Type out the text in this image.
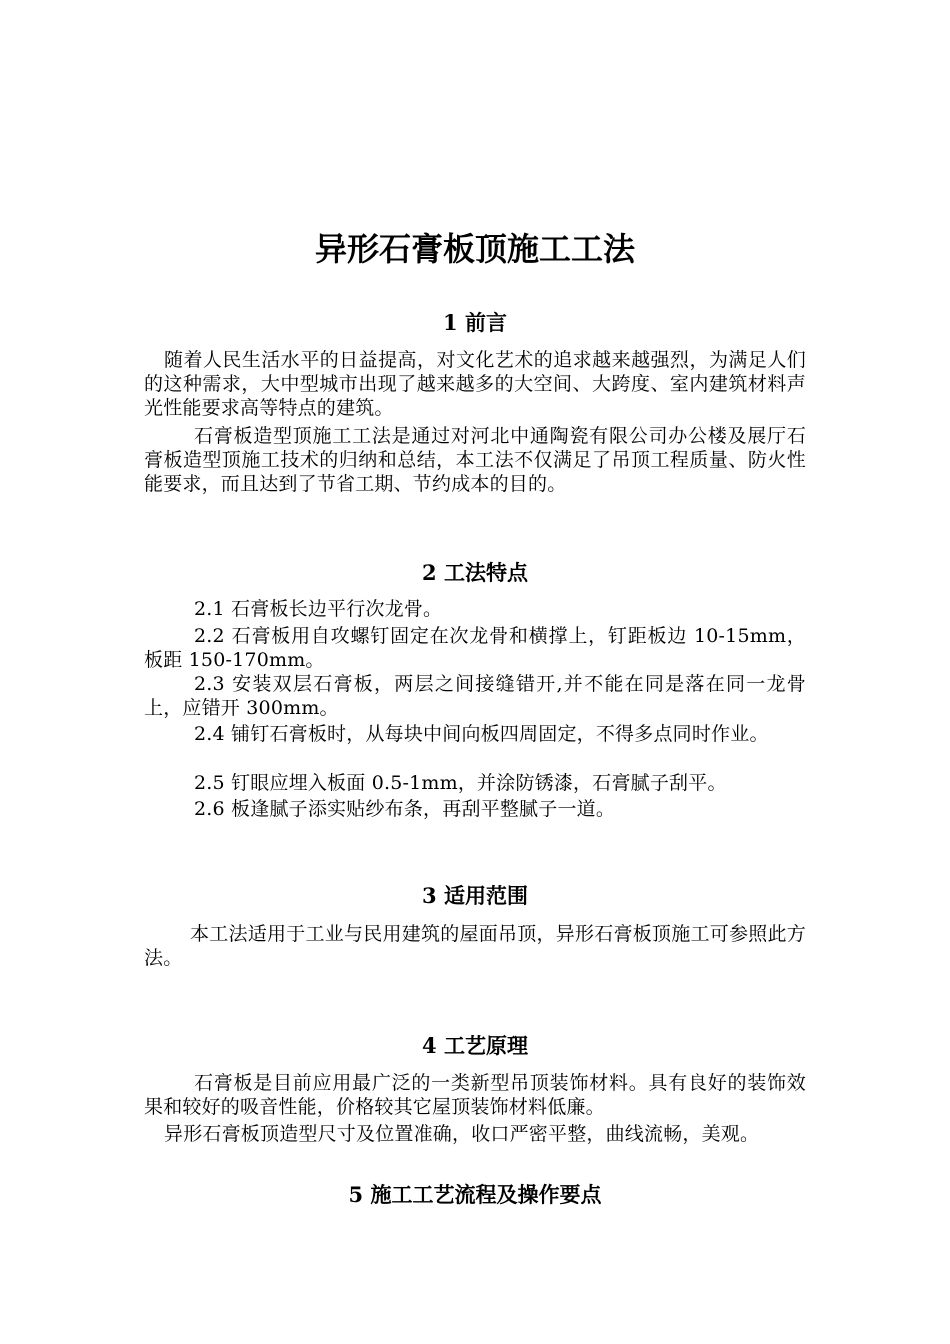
异形石膏板顶施工工法
1 前言

随着人民生活水平的日益提高，对文化艺术的追求越来越强烈，为满足人们的这种需求，大中型城市出现了越来越多的大空间、大跨度、室内建筑材料声光性能要求高等特点的建筑。

石膏板造型顶施工工法是通过对河北中通陶瓷有限公司办公楼及展厅石膏板造型顶施工技术的归纳和总结，本工法不仅满足了吊顶工程质量、防火性能要求，而且达到了节省工期、节约成本的目的。

2 工法特点

2.1 石膏板长边平行次龙骨。

2.2 石膏板用自攻螺钉固定在次龙骨和横撑上，钉距板边 10-15mm，板距 150-170mm。

2.3 安装双层石膏板，两层之间接缝错开,并不能在同是落在同一龙骨上，应错开 300mm。

2.4 铺钉石膏板时，从每块中间向板四周固定，不得多点同时作业。

2.5 钉眼应埋入板面 0.5-1mm，并涂防锈漆，石膏腻子刮平。

2.6 板逢腻子添实贴纱布条，再刮平整腻子一道。

3 适用范围

本工法适用于工业与民用建筑的屋面吊顶，异形石膏板顶施工可参照此方法。

4 工艺原理

石膏板是目前应用最广泛的一类新型吊顶装饰材料。具有良好的装饰效果和较好的吸音性能，价格较其它屋顶装饰材料低廉。

异形石膏板顶造型尺寸及位置准确，收口严密平整，曲线流畅，美观。

5 施工工艺流程及操作要点
